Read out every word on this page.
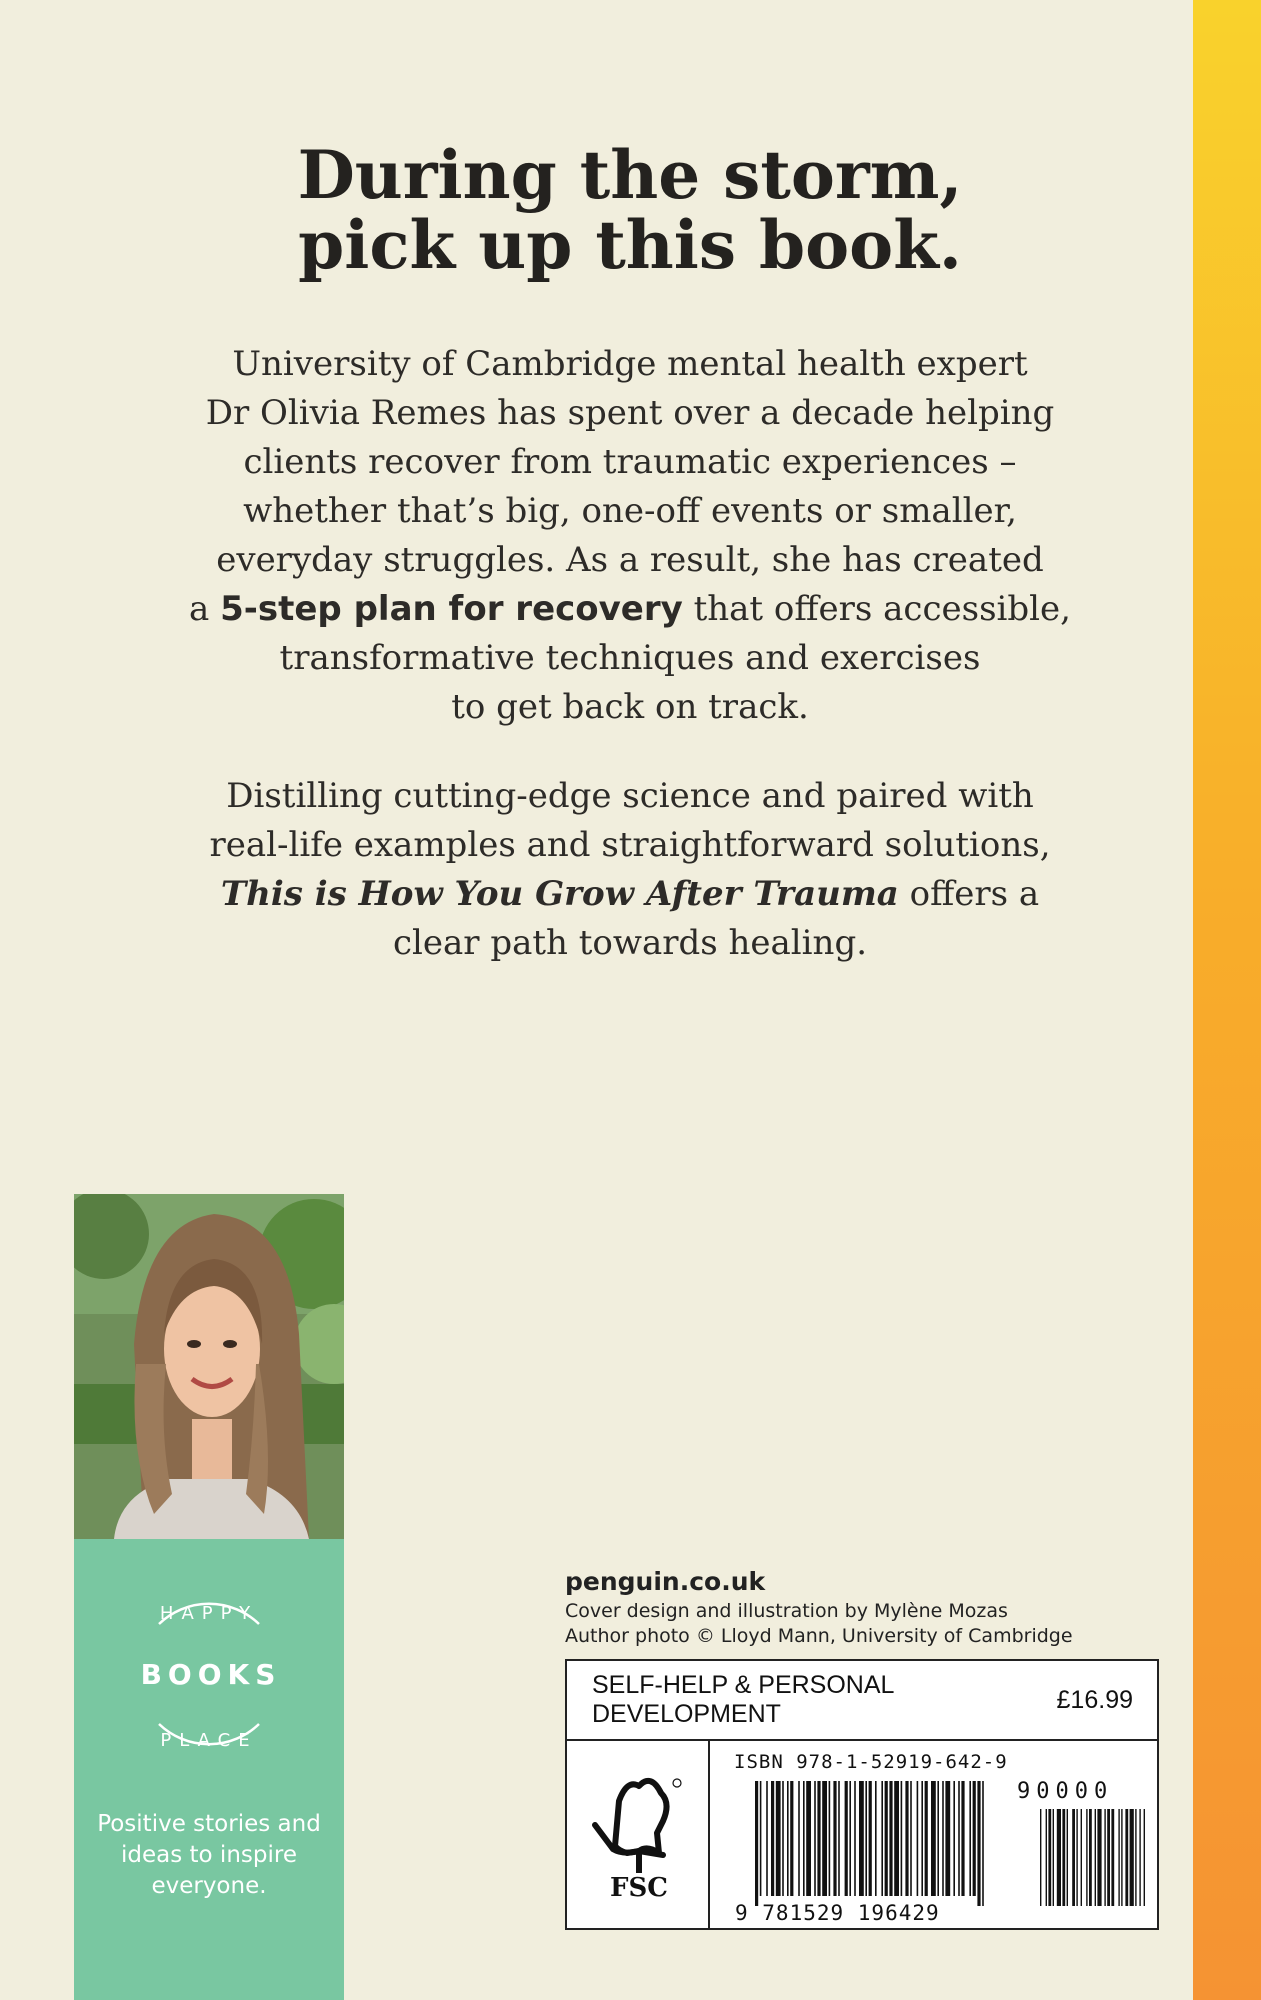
During the storm,
pick up this book.
University of Cambridge mental health expert
Dr Olivia Remes has spent over a decade helping
clients recover from traumatic experiences –
whether that’s big, one-off events or smaller,
everyday struggles. As a result, she has created
a 5-step plan for recovery that offers accessible,
transformative techniques and exercises
to get back on track.
Distilling cutting-edge science and paired with
real-life examples and straightforward solutions,
This is How You Grow After Trauma offers a
clear path towards healing.
HAPPY
BOOKS
PLACE
Positive stories and
ideas to inspire
everyone.
penguin.co.uk
Cover design and illustration by Mylène Mozas
Author photo © Lloyd Mann, University of Cambridge
SELF-HELP & PERSONAL DEVELOPMENT
£16.99
FSC
ISBN 978-1-52919-642-9
90000
9 781529 196429
